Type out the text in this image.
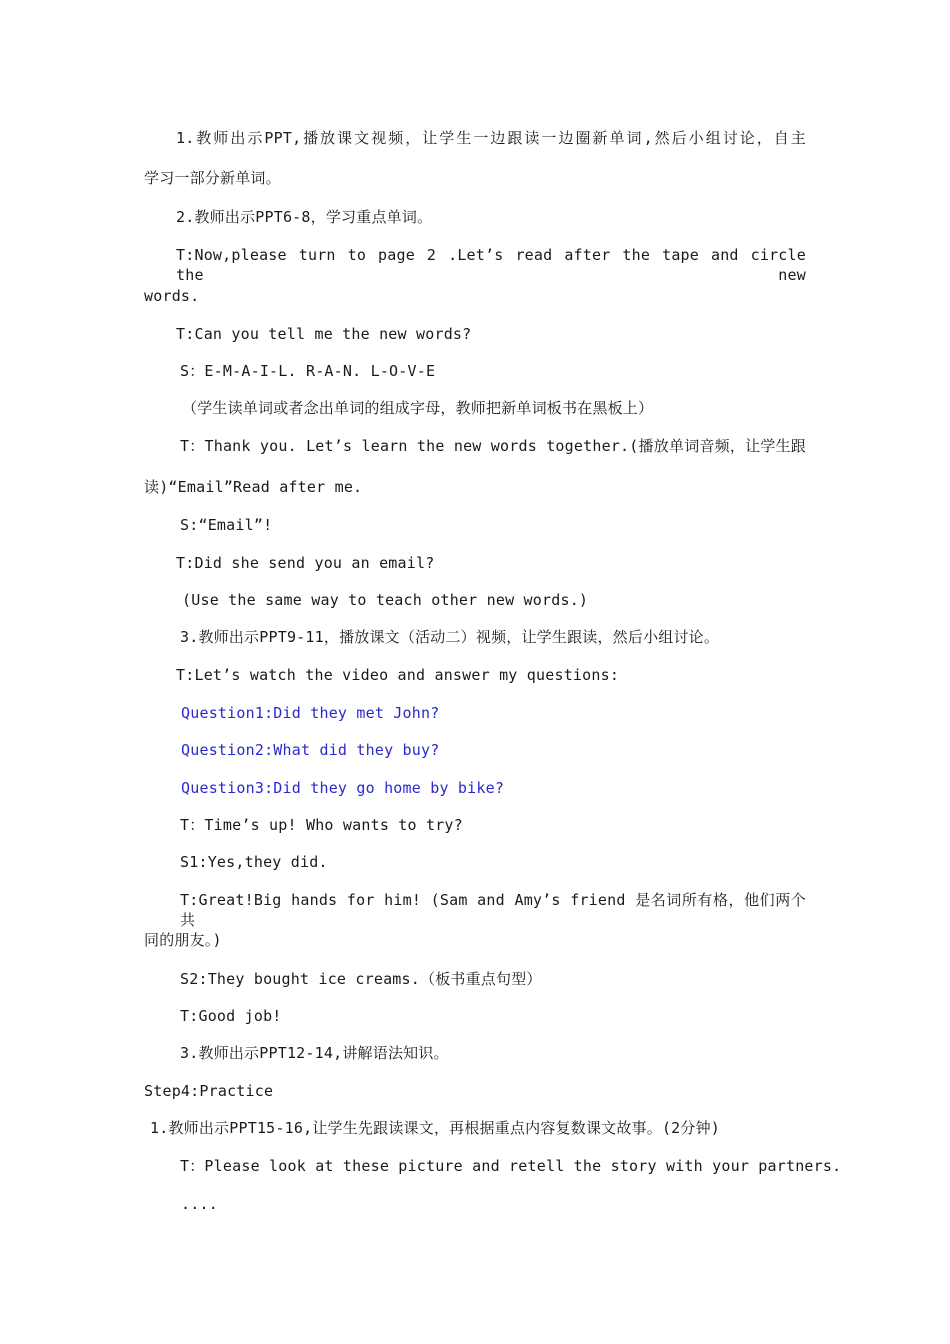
1.教师出示PPT,播放课文视频，让学生一边跟读一边圈新单词,然后小组讨论，自主
学习一部分新单词。
2.教师出示PPT6-8，学习重点单词。
T:Now,please turn to page 2 .Let’s read after the tape and circle the new
words.
T:Can you tell me the new words?
S：E-M-A-I-L. R-A-N. L-O-V-E
（学生读单词或者念出单词的组成字母，教师把新单词板书在黑板上）
T：Thank you. Let’s learn the new words together.(播放单词音频，让学生跟
读)“Email”Read after me.
S:“Email”!
T:Did she send you an email?
(Use the same way to teach other new words.)
3.教师出示PPT9-11，播放课文（活动二）视频，让学生跟读，然后小组讨论。
T:Let’s watch the video and answer my questions:
Question1:Did they met John?
Question2:What did they buy?
Question3:Did they go home by bike?
T：Time’s up! Who wants to try?
S1:Yes,they did.
T:Great!Big hands for him! (Sam and Amy’s friend 是名词所有格，他们两个共
同的朋友。)
S2:They bought ice creams.（板书重点句型）
T:Good job!
3.教师出示PPT12-14,讲解语法知识。
Step4:Practice
1.教师出示PPT15-16,让学生先跟读课文，再根据重点内容复数课文故事。(2分钟)
T：Please look at these picture and retell the story with your partners.
....
